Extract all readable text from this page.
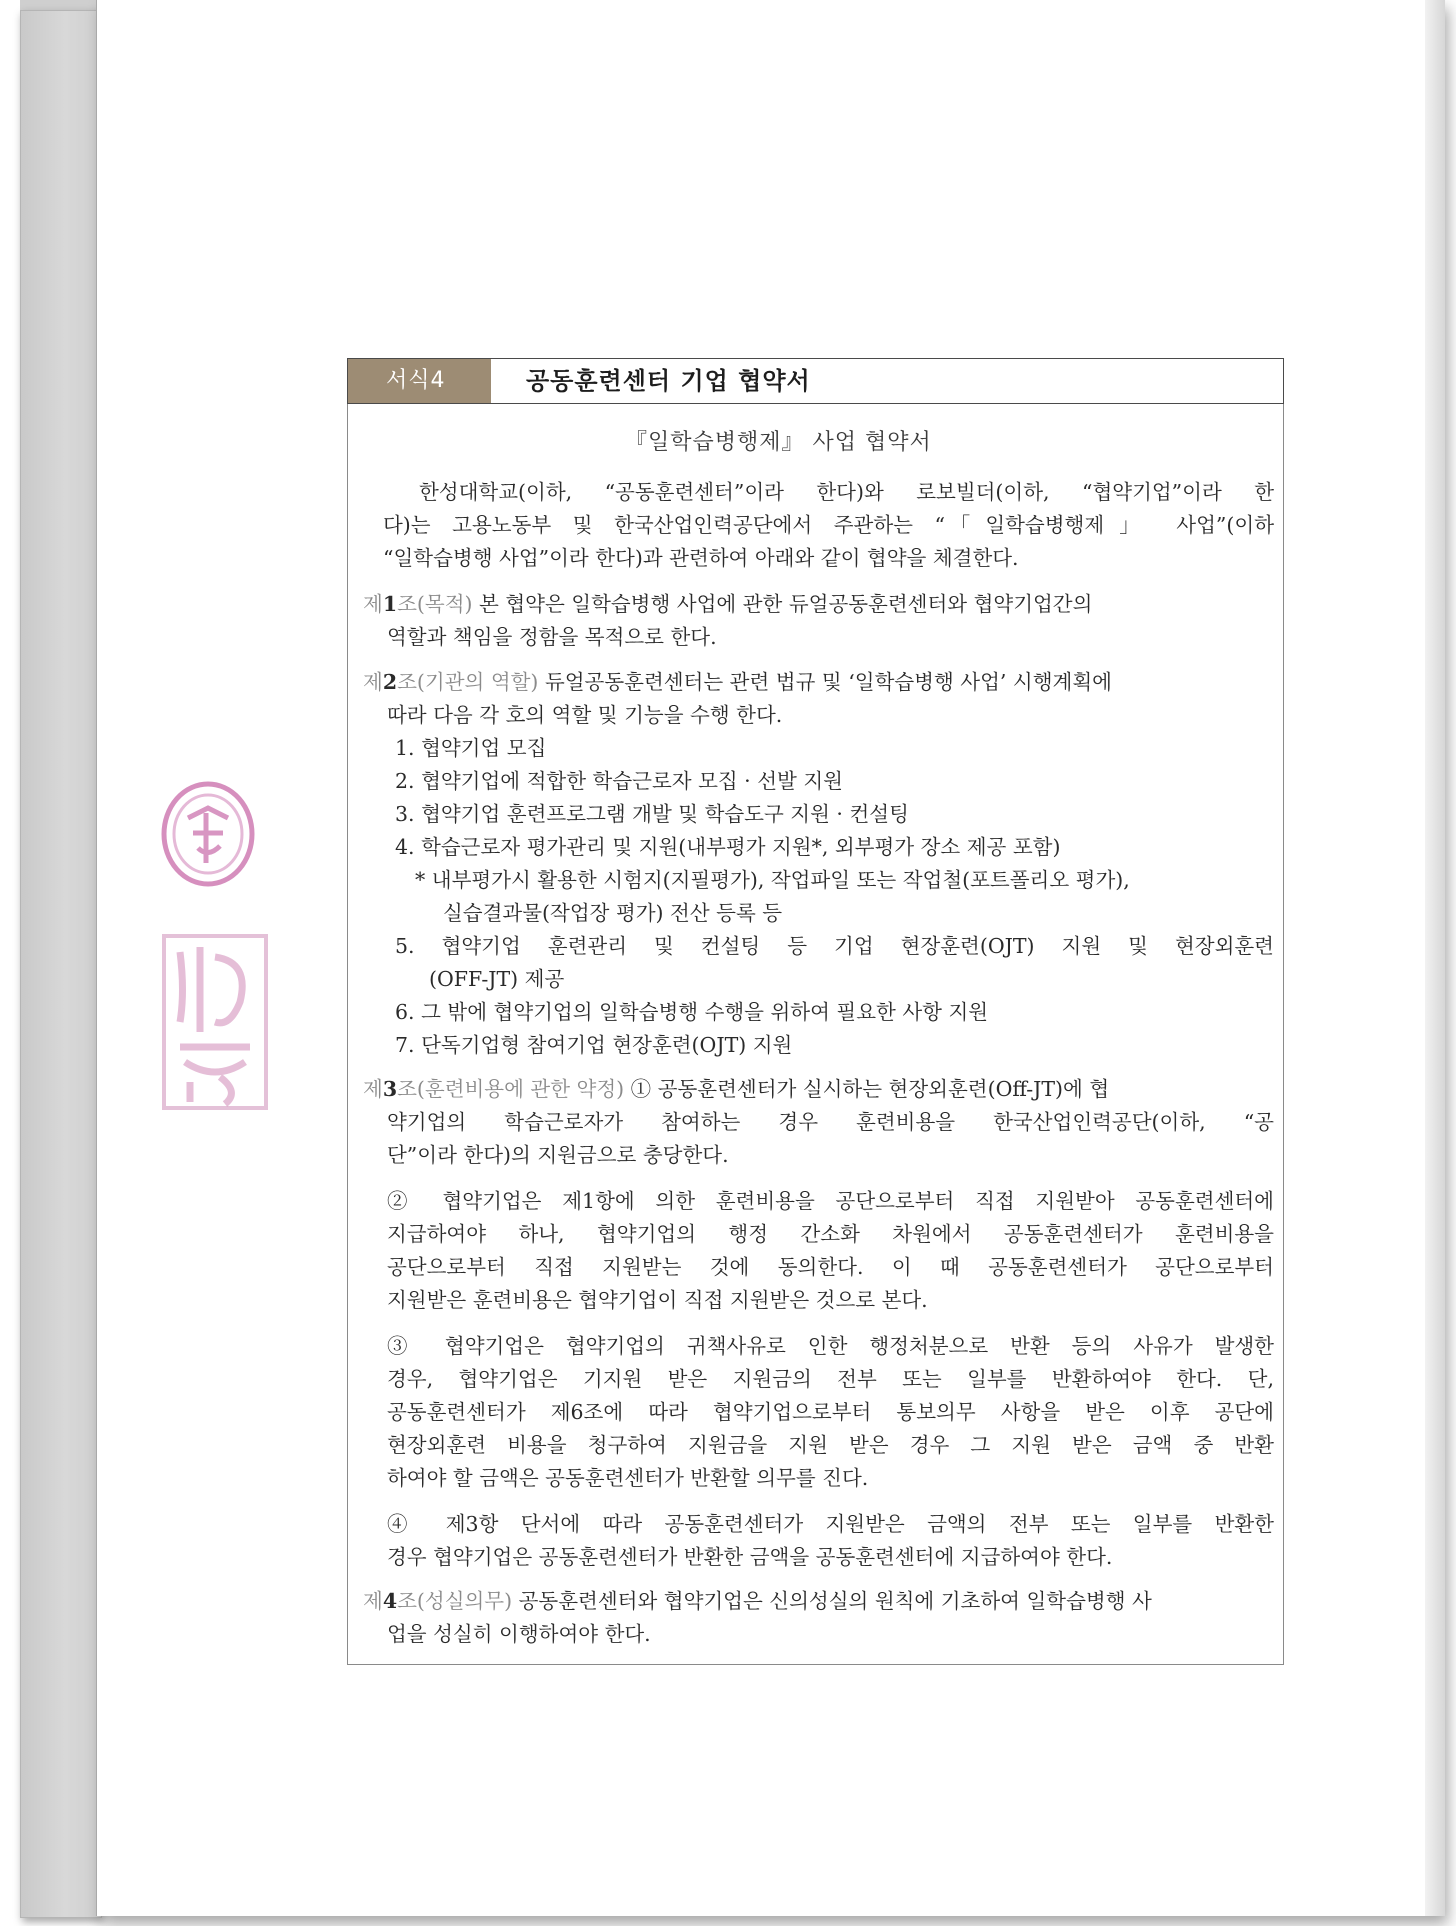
서식4	공동훈련센터 기업 협약서
『일학습병행제』 사업 협약서
한성대학교(이하, “공동훈련센터”이라 한다)와 로보빌더(이하, “협약기업”이라 한
다)는 고용노동부 및 한국산업인력공단에서 주관하는 “「일학습병행제」 사업”(이하
“일학습병행 사업”이라 한다)과 관련하여 아래와 같이 협약을 체결한다.
제1조(목적) 본 협약은 일학습병행 사업에 관한 듀얼공동훈련센터와 협약기업간의
역할과 책임을 정함을 목적으로 한다.
제2조(기관의 역할) 듀얼공동훈련센터는 관련 법규 및 ‘일학습병행 사업’ 시행계획에
따라 다음 각 호의 역할 및 기능을 수행 한다.
1. 협약기업 모집
2. 협약기업에 적합한 학습근로자 모집 · 선발 지원
3. 협약기업 훈련프로그램 개발 및 학습도구 지원 · 컨설팅
4. 학습근로자 평가관리 및 지원(내부평가 지원*, 외부평가 장소 제공 포함)
* 내부평가시 활용한 시험지(지필평가), 작업파일 또는 작업철(포트폴리오 평가),
실습결과물(작업장 평가) 전산 등록 등
5. 협약기업 훈련관리 및 컨설팅 등 기업 현장훈련(OJT) 지원 및 현장외훈련
(OFF-JT) 제공
6. 그 밖에 협약기업의 일학습병행 수행을 위하여 필요한 사항 지원
7. 단독기업형 참여기업 현장훈련(OJT) 지원
제3조(훈련비용에 관한 약정) ① 공동훈련센터가 실시하는 현장외훈련(Off-JT)에 협
약기업의 학습근로자가 참여하는 경우 훈련비용을 한국산업인력공단(이하, “공
단”이라 한다)의 지원금으로 충당한다.
② 협약기업은 제1항에 의한 훈련비용을 공단으로부터 직접 지원받아 공동훈련센터에
지급하여야 하나, 협약기업의 행정 간소화 차원에서 공동훈련센터가 훈련비용을
공단으로부터 직접 지원받는 것에 동의한다. 이 때 공동훈련센터가 공단으로부터
지원받은 훈련비용은 협약기업이 직접 지원받은 것으로 본다.
③ 협약기업은 협약기업의 귀책사유로 인한 행정처분으로 반환 등의 사유가 발생한
경우, 협약기업은 기지원 받은 지원금의 전부 또는 일부를 반환하여야 한다. 단,
공동훈련센터가 제6조에 따라 협약기업으로부터 통보의무 사항을 받은 이후 공단에
현장외훈련 비용을 청구하여 지원금을 지원 받은 경우 그 지원 받은 금액 중 반환
하여야 할 금액은 공동훈련센터가 반환할 의무를 진다.
④ 제3항 단서에 따라 공동훈련센터가 지원받은 금액의 전부 또는 일부를 반환한
경우 협약기업은 공동훈련센터가 반환한 금액을 공동훈련센터에 지급하여야 한다.
제4조(성실의무) 공동훈련센터와 협약기업은 신의성실의 원칙에 기초하여 일학습병행 사
업을 성실히 이행하여야 한다.
